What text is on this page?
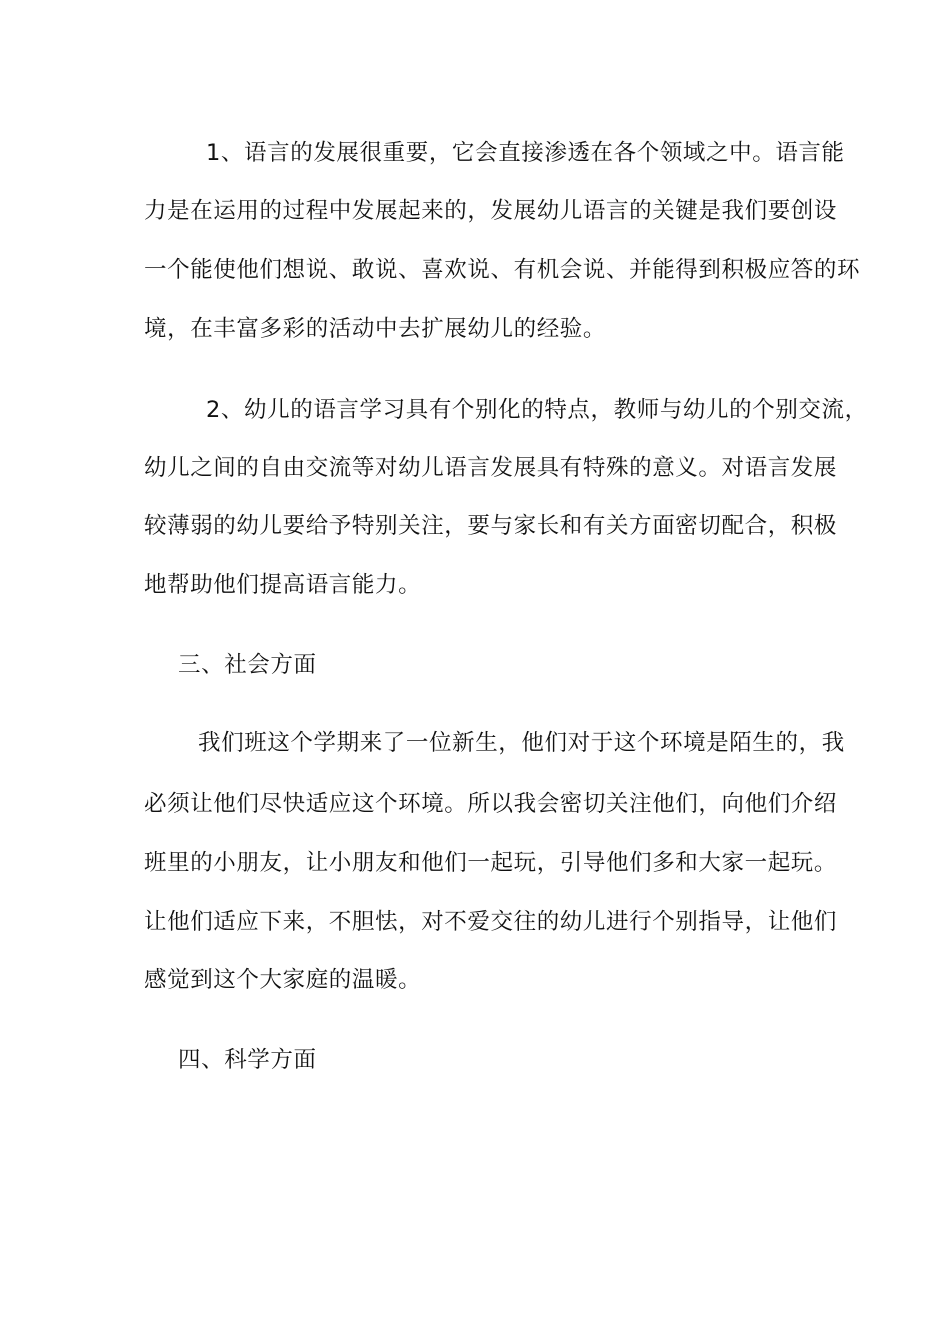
1、语言的发展很重要，它会直接渗透在各个领域之中。语言能
力是在运用的过程中发展起来的，发展幼儿语言的关键是我们要创设
一个能使他们想说、敢说、喜欢说、有机会说、并能得到积极应答的环
境，在丰富多彩的活动中去扩展幼儿的经验。
2、幼儿的语言学习具有个别化的特点，教师与幼儿的个别交流，
幼儿之间的自由交流等对幼儿语言发展具有特殊的意义。对语言发展
较薄弱的幼儿要给予特别关注，要与家长和有关方面密切配合，积极
地帮助他们提高语言能力。
三、社会方面
我们班这个学期来了一位新生，他们对于这个环境是陌生的，我
必须让他们尽快适应这个环境。所以我会密切关注他们，向他们介绍
班里的小朋友，让小朋友和他们一起玩，引导他们多和大家一起玩。
让他们适应下来，不胆怯，对不爱交往的幼儿进行个别指导，让他们
感觉到这个大家庭的温暖。
四、科学方面
